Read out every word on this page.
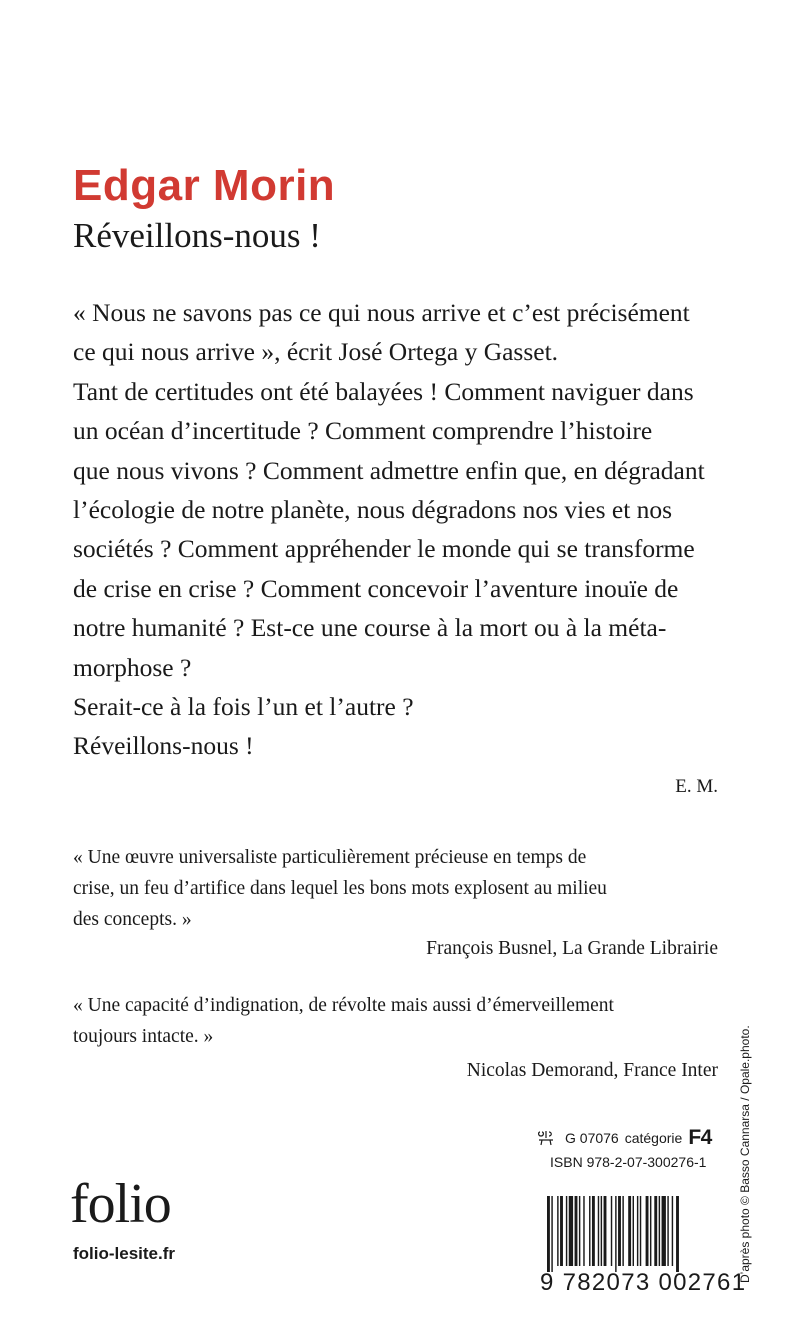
Edgar Morin
Réveillons-nous !
« Nous ne savons pas ce qui nous arrive et c’est précisément
ce qui nous arrive », écrit José Ortega y Gasset.
Tant de certitudes ont été balayées ! Comment naviguer dans
un océan d’incertitude ? Comment comprendre l’histoire
que nous vivons ? Comment admettre enfin que, en dégradant
l’écologie de notre planète, nous dégradons nos vies et nos
sociétés ? Comment appréhender le monde qui se transforme
de crise en crise ? Comment concevoir l’aventure inouïe de
notre humanité ? Est-ce une course à la mort ou à la méta-
morphose ?
Serait-ce à la fois l’un et l’autre ?
Réveillons-nous !
E. M.
« Une œuvre universaliste particulièrement précieuse en temps de
crise, un feu d’artifice dans lequel les bons mots explosent au milieu
des concepts. »
François Busnel, La Grande Librairie
« Une capacité d’indignation, de révolte mais aussi d’émerveillement
toujours intacte. »
Nicolas Demorand, France Inter
G 07076 catégorie F4
ISBN 978-2-07-300276-1
9 782073 002761
folio
folio-lesite.fr	D’après photo © Basso Cannarsa / Opale.photo.
